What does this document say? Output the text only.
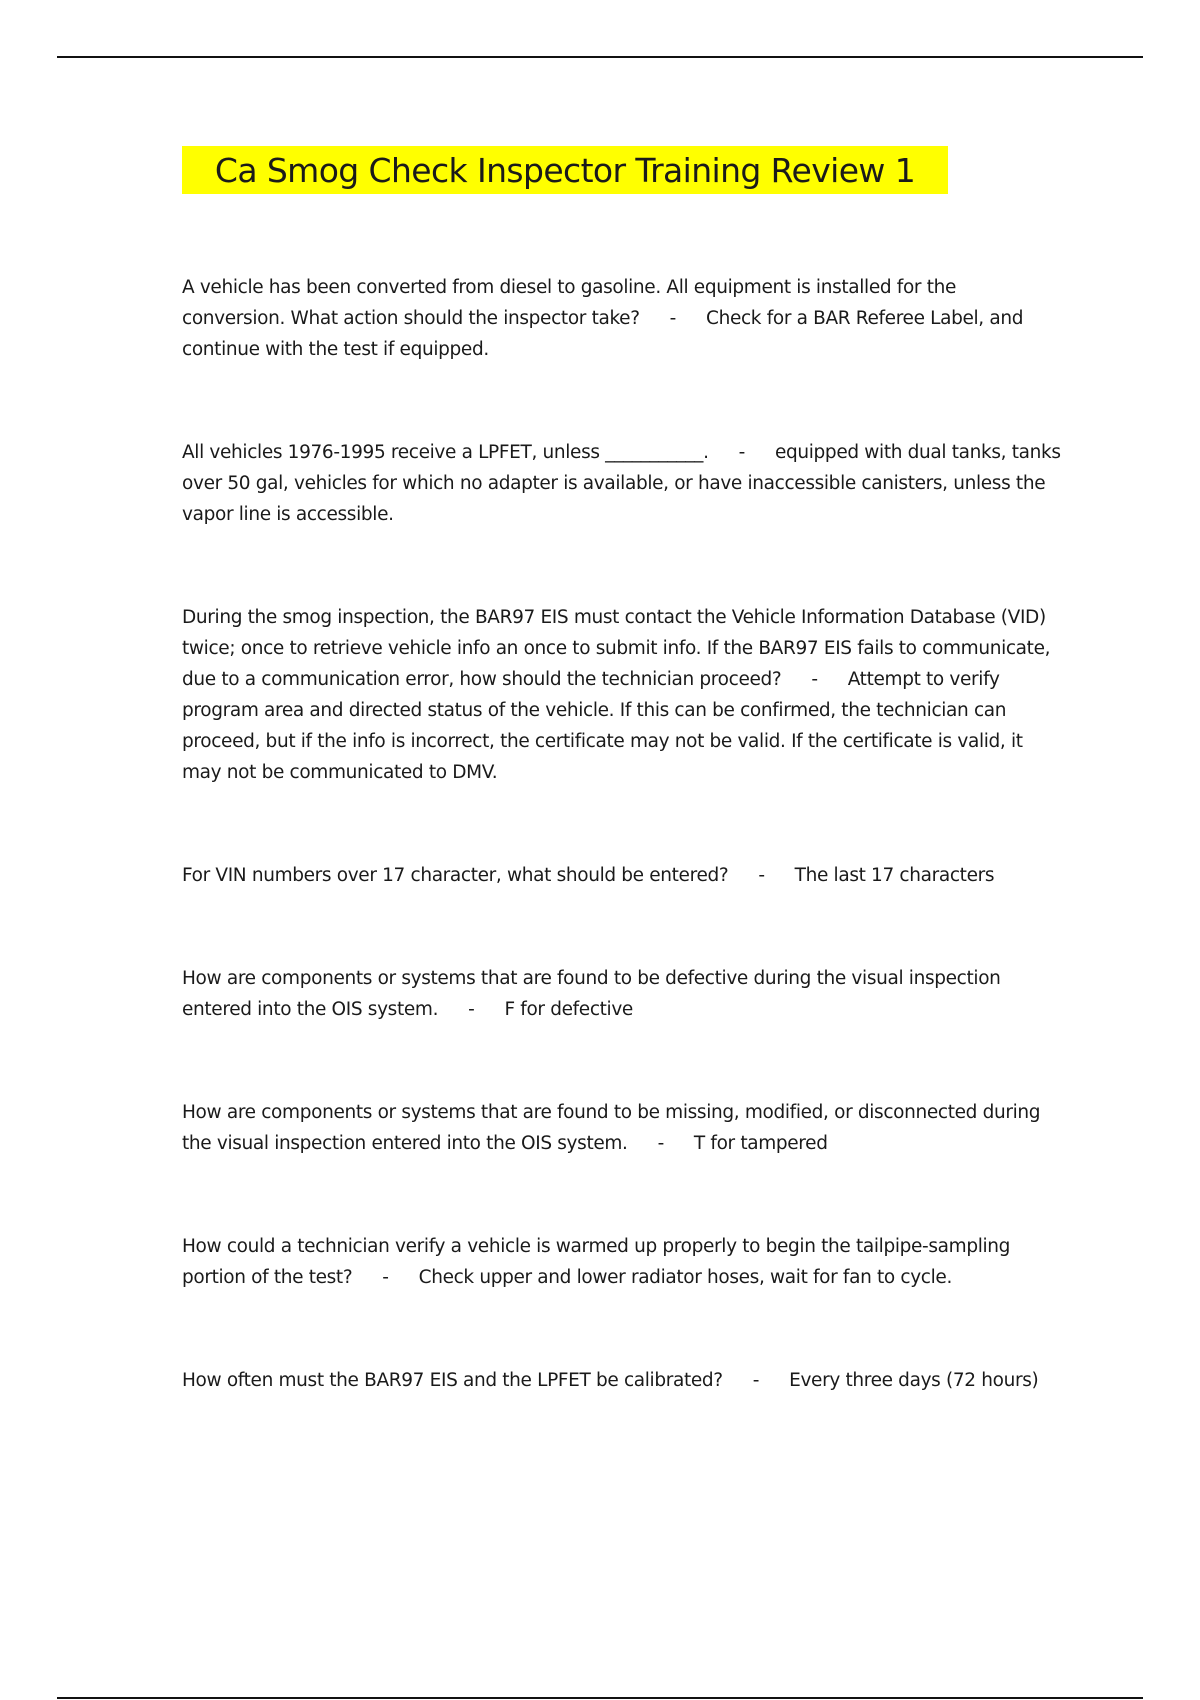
Ca Smog Check Inspector Training Review 1

A vehicle has been converted from diesel to gasoline. All equipment is installed for the conversion. What action should the inspector take? - Check for a BAR Referee Label, and continue with the test if equipped.

All vehicles 1976-1995 receive a LPFET, unless ___________. - equipped with dual tanks, tanks over 50 gal, vehicles for which no adapter is available, or have inaccessible canisters, unless the vapor line is accessible.

During the smog inspection, the BAR97 EIS must contact the Vehicle Information Database (VID) twice; once to retrieve vehicle info an once to submit info. If the BAR97 EIS fails to communicate, due to a communication error, how should the technician proceed? - Attempt to verify program area and directed status of the vehicle. If this can be confirmed, the technician can proceed, but if the info is incorrect, the certificate may not be valid. If the certificate is valid, it may not be communicated to DMV.

For VIN numbers over 17 character, what should be entered? - The last 17 characters

How are components or systems that are found to be defective during the visual inspection entered into the OIS system. - F for defective

How are components or systems that are found to be missing, modified, or disconnected during the visual inspection entered into the OIS system. - T for tampered

How could a technician verify a vehicle is warmed up properly to begin the tailpipe-sampling portion of the test? - Check upper and lower radiator hoses, wait for fan to cycle.

How often must the BAR97 EIS and the LPFET be calibrated? - Every three days (72 hours)
